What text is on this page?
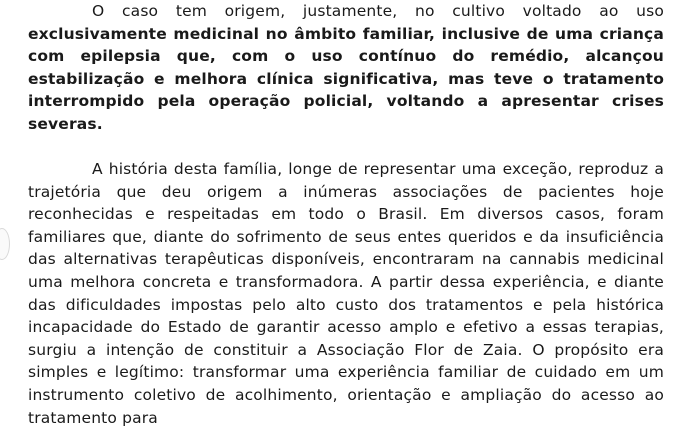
O caso tem origem, justamente, no cultivo voltado ao uso exclusivamente medicinal no âmbito familiar, inclusive de uma criança com epilepsia que, com o uso contínuo do remédio, alcançou estabilização e melhora clínica significativa, mas teve o tratamento interrompido pela operação policial, voltando a apresentar crises severas.

A história desta família, longe de representar uma exceção, reproduz a trajetória que deu origem a inúmeras associações de pacientes hoje reconhecidas e respeitadas em todo o Brasil. Em diversos casos, foram familiares que, diante do sofrimento de seus entes queridos e da insuficiência das alternativas terapêuticas disponíveis, encontraram na cannabis medicinal uma melhora concreta e transformadora. A partir dessa experiência, e diante das dificuldades impostas pelo alto custo dos tratamentos e pela histórica incapacidade do Estado de garantir acesso amplo e efetivo a essas terapias, surgiu a intenção de constituir a Associação Flor de Zaia. O propósito era simples e legítimo: transformar uma experiência familiar de cuidado em um instrumento coletivo de acolhimento, orientação e ampliação do acesso ao tratamento para
